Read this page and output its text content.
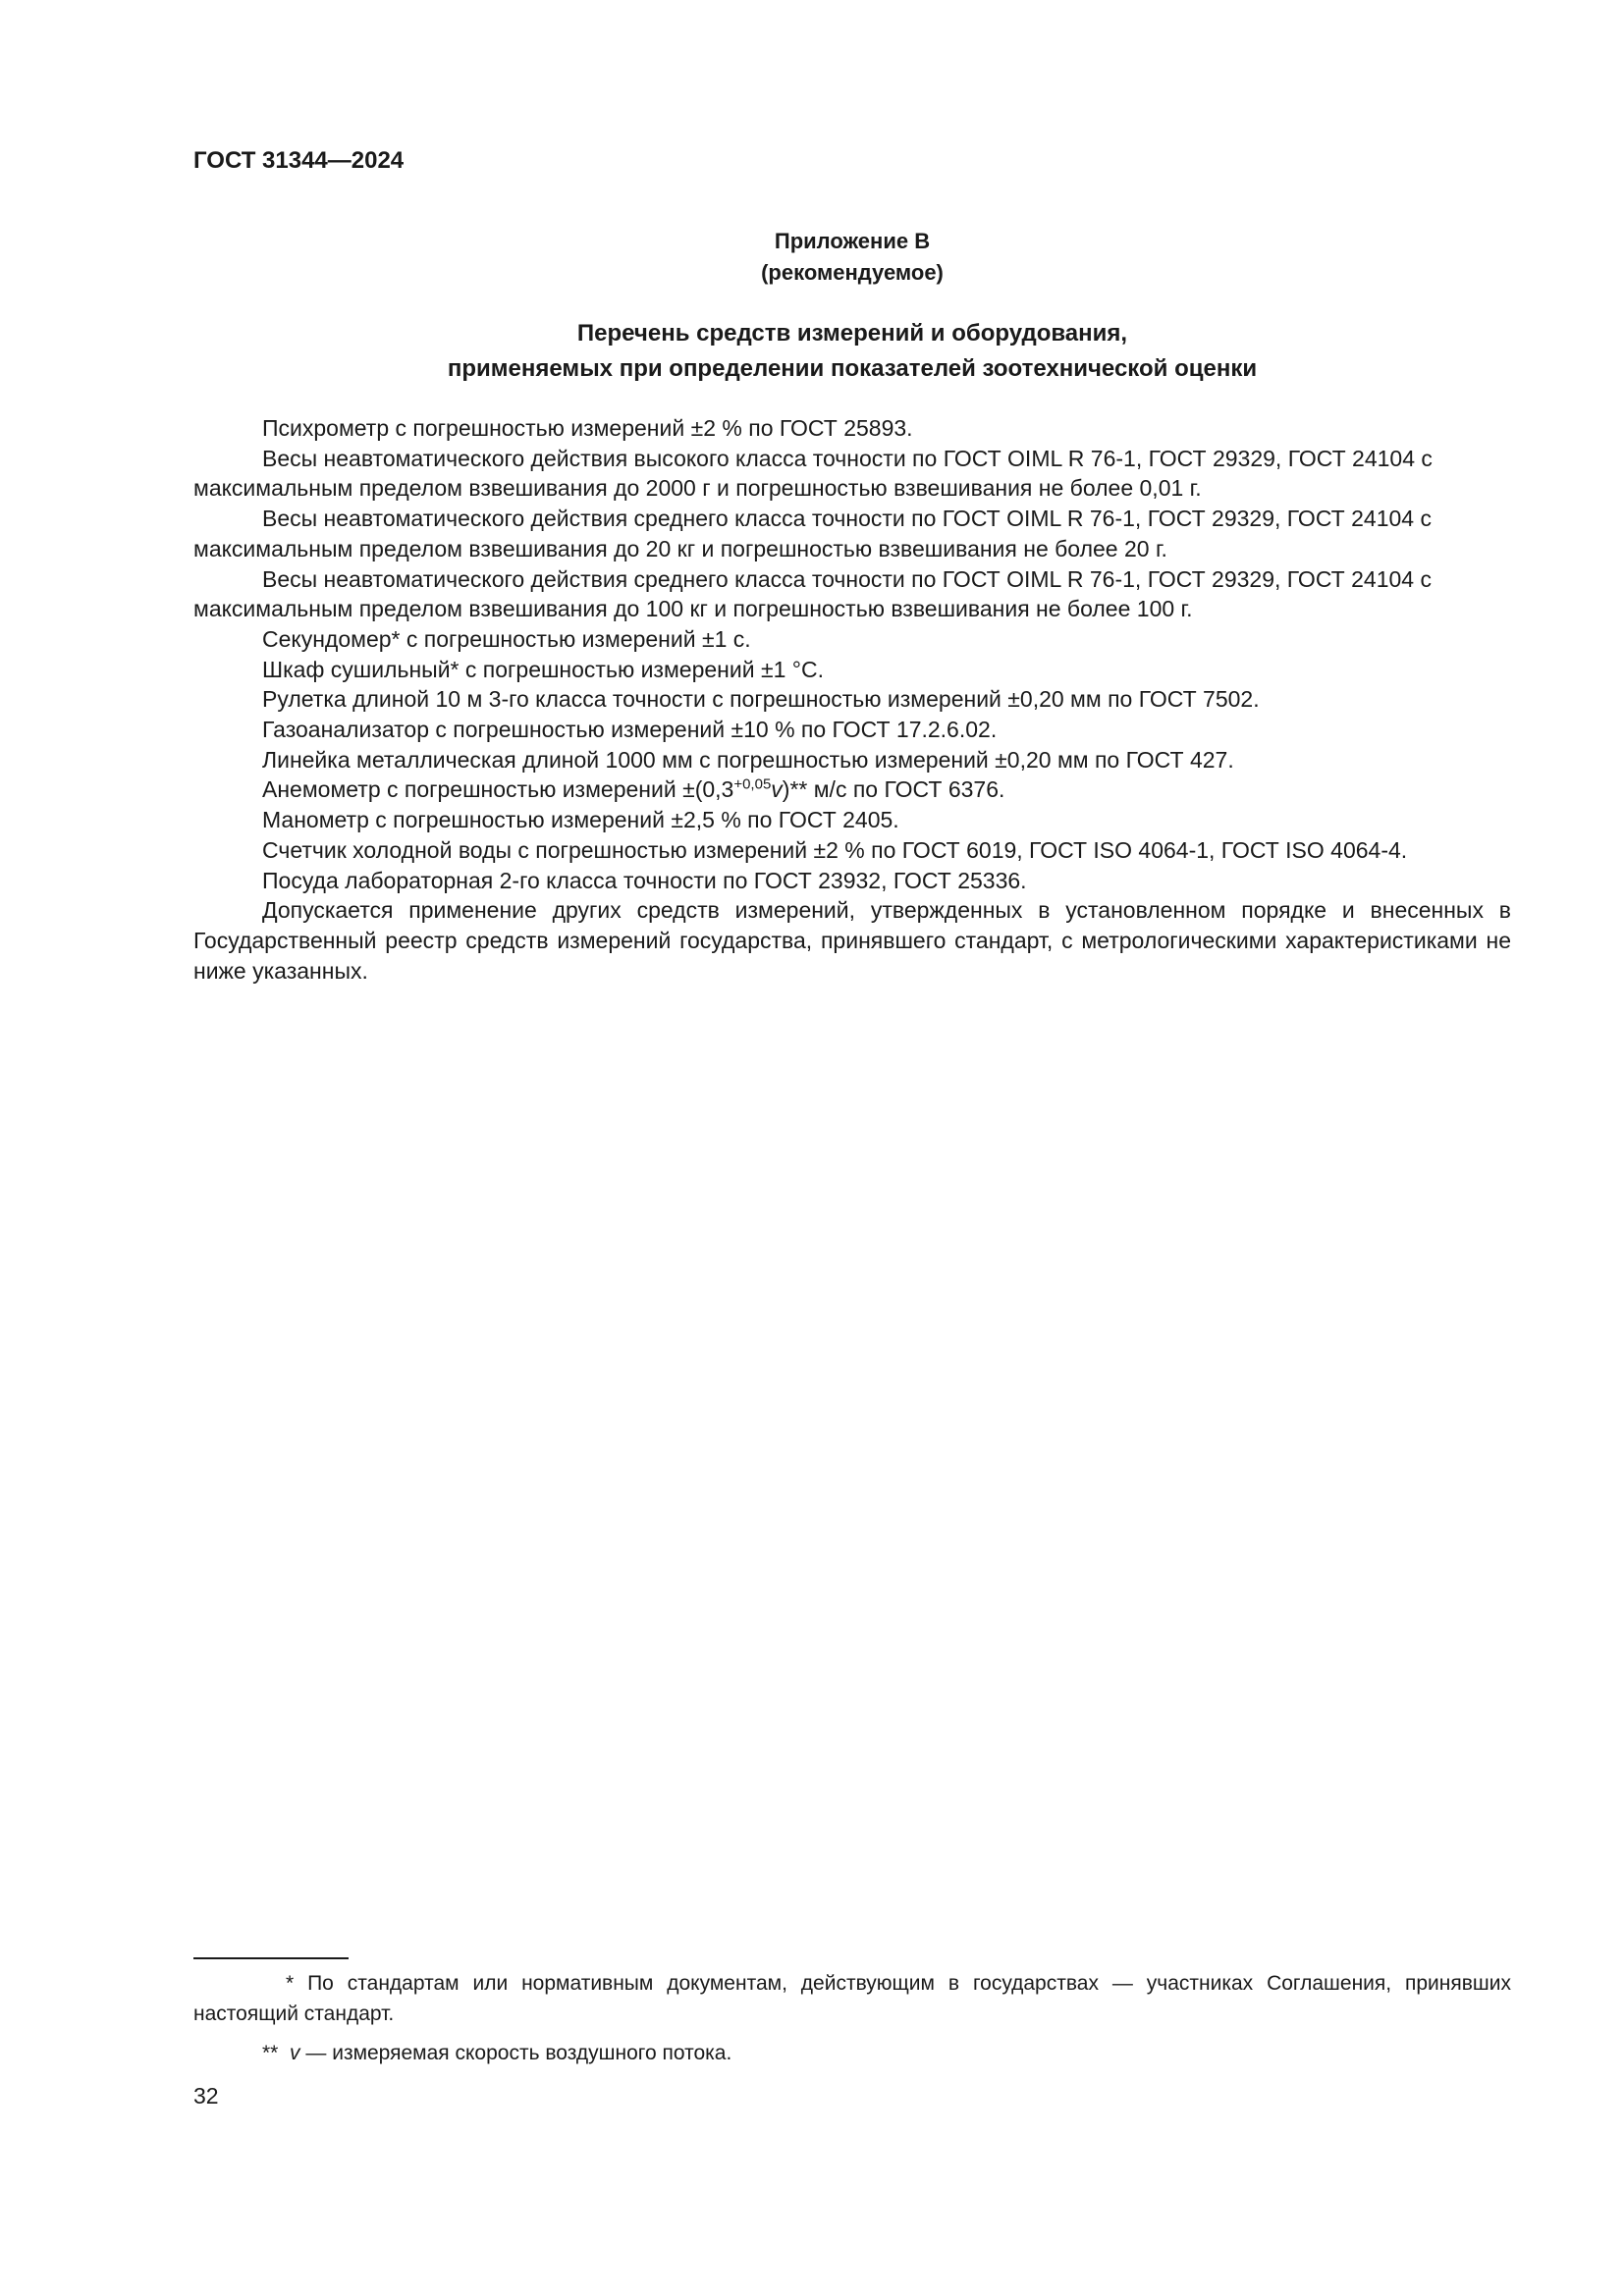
ГОСТ 31344—2024

Приложение В
(рекомендуемое)
Перечень средств измерений и оборудования,
применяемых при определении показателей зоотехнической оценки

Психрометр с погрешностью измерений ±2 % по ГОСТ 25893.

Весы неавтоматического действия высокого класса точности по ГОСТ OIML R 76-1, ГОСТ 29329, ГОСТ 24104 с максимальным пределом взвешивания до 2000 г и погрешностью взвешивания не более 0,01 г.

Весы неавтоматического действия среднего класса точности по ГОСТ OIML R 76-1, ГОСТ 29329, ГОСТ 24104 с максимальным пределом взвешивания до 20 кг и погрешностью взвешивания не более 20 г.

Весы неавтоматического действия среднего класса точности по ГОСТ OIML R 76-1, ГОСТ 29329, ГОСТ 24104 с максимальным пределом взвешивания до 100 кг и погрешностью взвешивания не более 100 г.

Секундомер* с погрешностью измерений ±1 с.

Шкаф сушильный* с погрешностью измерений ±1 °С.

Рулетка длиной 10 м 3-го класса точности с погрешностью измерений ±0,20 мм по ГОСТ 7502.

Газоанализатор с погрешностью измерений ±10 % по ГОСТ 17.2.6.02.

Линейка металлическая длиной 1000 мм с погрешностью измерений ±0,20 мм по ГОСТ 427.

Анемометр с погрешностью измерений $\pm(0,3^{+0,05}v)**$ м/с по ГОСТ 6376.

Манометр с погрешностью измерений ±2,5 % по ГОСТ 2405.

Счетчик холодной воды с погрешностью измерений ±2 % по ГОСТ 6019, ГОСТ ISO 4064-1, ГОСТ ISO 4064-4.

Посуда лабораторная 2-го класса точности по ГОСТ 23932, ГОСТ 25336.

Допускается применение других средств измерений, утвержденных в установленном порядке и внесенных в Государственный реестр средств измерений государства, принявшего стандарт, с метрологическими характеристиками не ниже указанных.

* По стандартам или нормативным документам, действующим в государствах — участниках Соглашения, принявших настоящий стандарт.

** v — измеряемая скорость воздушного потока.

32
